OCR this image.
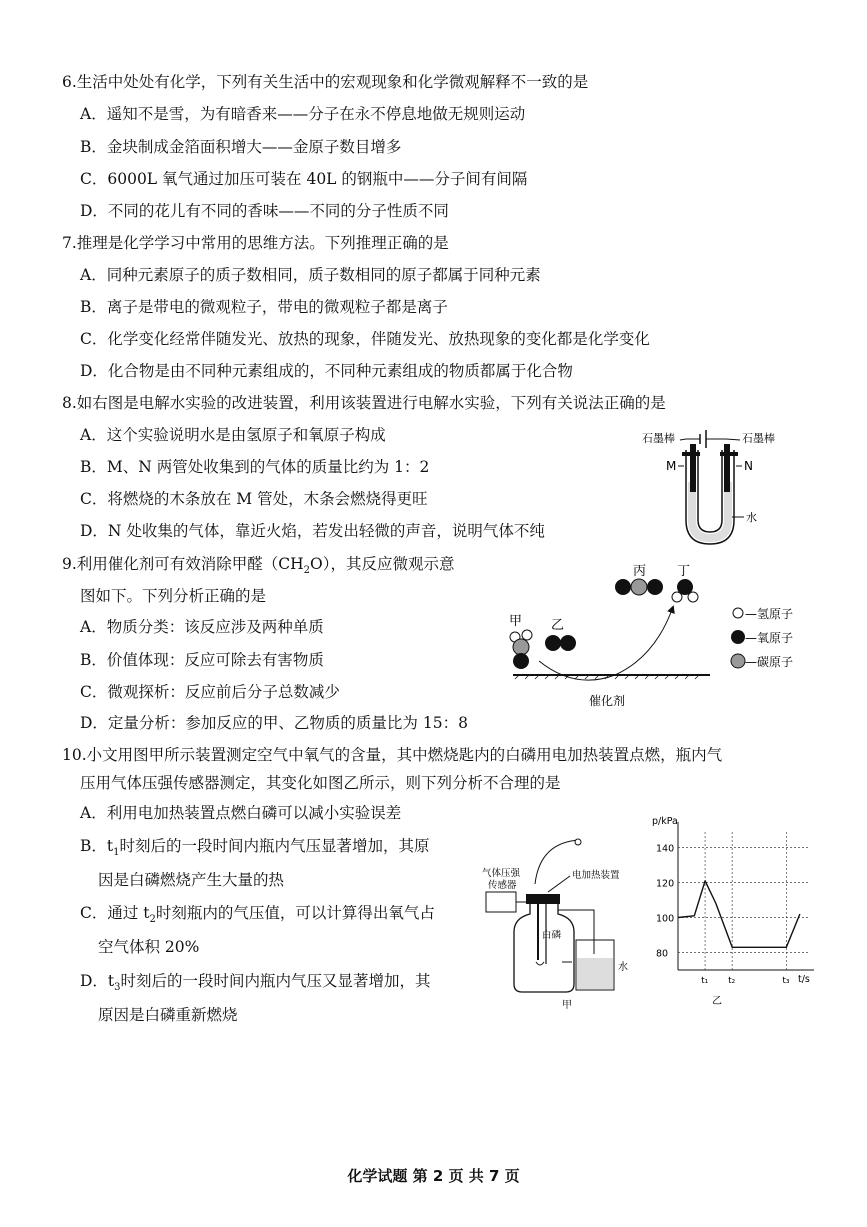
6.生活中处处有化学，下列有关生活中的宏观现象和化学微观解释不一致的是
A．遥知不是雪，为有暗香来——分子在永不停息地做无规则运动
B．金块制成金箔面积增大——金原子数目增多
C．6000L 氧气通过加压可装在 40L 的钢瓶中——分子间有间隔
D．不同的花儿有不同的香味——不同的分子性质不同
7.推理是化学学习中常用的思维方法。下列推理正确的是
A．同种元素原子的质子数相同，质子数相同的原子都属于同种元素
B．离子是带电的微观粒子，带电的微观粒子都是离子
C．化学变化经常伴随发光、放热的现象，伴随发光、放热现象的变化都是化学变化
D．化合物是由不同种元素组成的，不同种元素组成的物质都属于化合物
8.如右图是电解水实验的改进装置，利用该装置进行电解水实验，下列有关说法正确的是
A．这个实验说明水是由氢原子和氧原子构成
B．M、N 两管处收集到的气体的质量比约为 1：2
C．将燃烧的木条放在 M 管处，木条会燃烧得更旺
D．N 处收集的气体，靠近火焰，若发出轻微的声音，说明气体不纯
石墨棒	石墨棒
M	N
水
9.利用催化剂可有效消除甲醛$(CH_2O)$，其反应微观示意
图如下。下列分析正确的是
A．物质分类：该反应涉及两种单质
B．价值体现：反应可除去有害物质
C．微观探析：反应前后分子总数减少
D．定量分析：参加反应的甲、乙物质的质量比为 15：8
丙 丁
甲 乙
催化剂
—氢原子
—氧原子
—碳原子
10.小文用图甲所示装置测定空气中氧气的含量，其中燃烧匙内的白磷用电加热装置点燃，瓶内气
压用气体压强传感器测定，其变化如图乙所示，则下列分析不合理的是
A．利用电加热装置点燃白磷可以减小实验误差
B．$t_1$时刻后的一段时间内瓶内气压显著增加，其原
因是白磷燃烧产生大量的热
C．通过 $t_2$时刻瓶内的气压值，可以计算得出氧气占
空气体积 20%
D．$t_3$时刻后的一段时间内瓶内气压又显著增加，其
原因是白磷重新燃烧
气体压强
传感器
电加热装置
白磷
水
甲
p/kPa
t/s
乙
80
100
120
140
t₁ t₂	t₃
化学试题 第 2 页 共 7 页
